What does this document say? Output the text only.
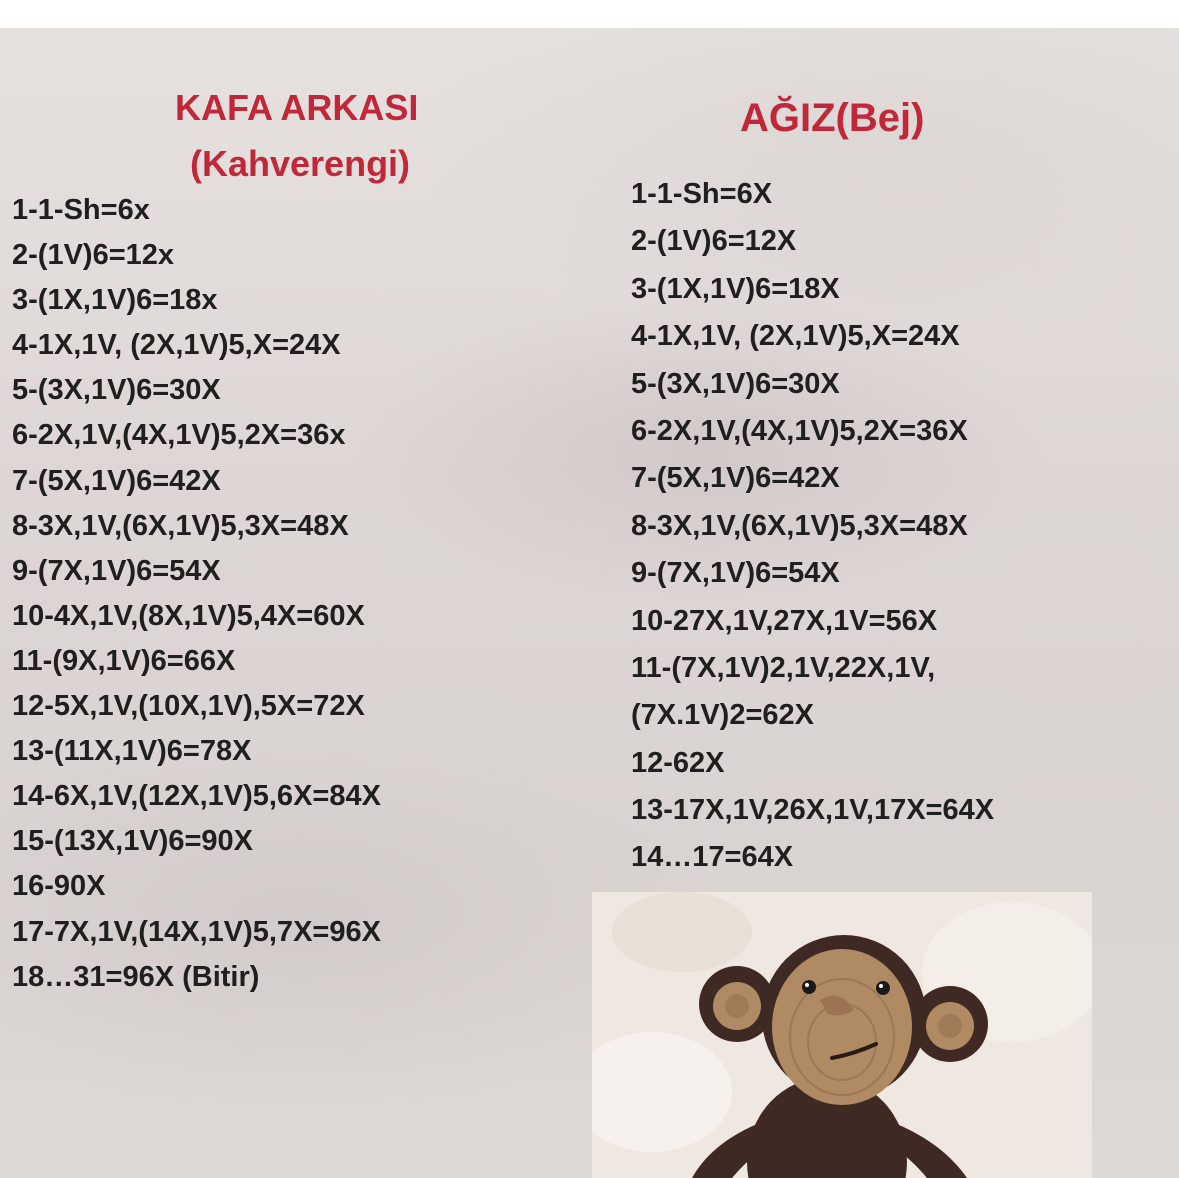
KAFA ARKASI
(Kahverengi)
AĞIZ(Bej)
1-1-Sh=6x
2-(1V)6=12x
3-(1X,1V)6=18x
4-1X,1V, (2X,1V)5,X=24X
5-(3X,1V)6=30X
6-2X,1V,(4X,1V)5,2X=36x
7-(5X,1V)6=42X
8-3X,1V,(6X,1V)5,3X=48X
9-(7X,1V)6=54X
10-4X,1V,(8X,1V)5,4X=60X
11-(9X,1V)6=66X
12-5X,1V,(10X,1V),5X=72X
13-(11X,1V)6=78X
14-6X,1V,(12X,1V)5,6X=84X
15-(13X,1V)6=90X
16-90X
17-7X,1V,(14X,1V)5,7X=96X
18…31=96X (Bitir)
1-1-Sh=6X
2-(1V)6=12X
3-(1X,1V)6=18X
4-1X,1V, (2X,1V)5,X=24X
5-(3X,1V)6=30X
6-2X,1V,(4X,1V)5,2X=36X
7-(5X,1V)6=42X
8-3X,1V,(6X,1V)5,3X=48X
9-(7X,1V)6=54X
10-27X,1V,27X,1V=56X
11-(7X,1V)2,1V,22X,1V,
(7X.1V)2=62X
12-62X
13-17X,1V,26X,1V,17X=64X
14…17=64X
